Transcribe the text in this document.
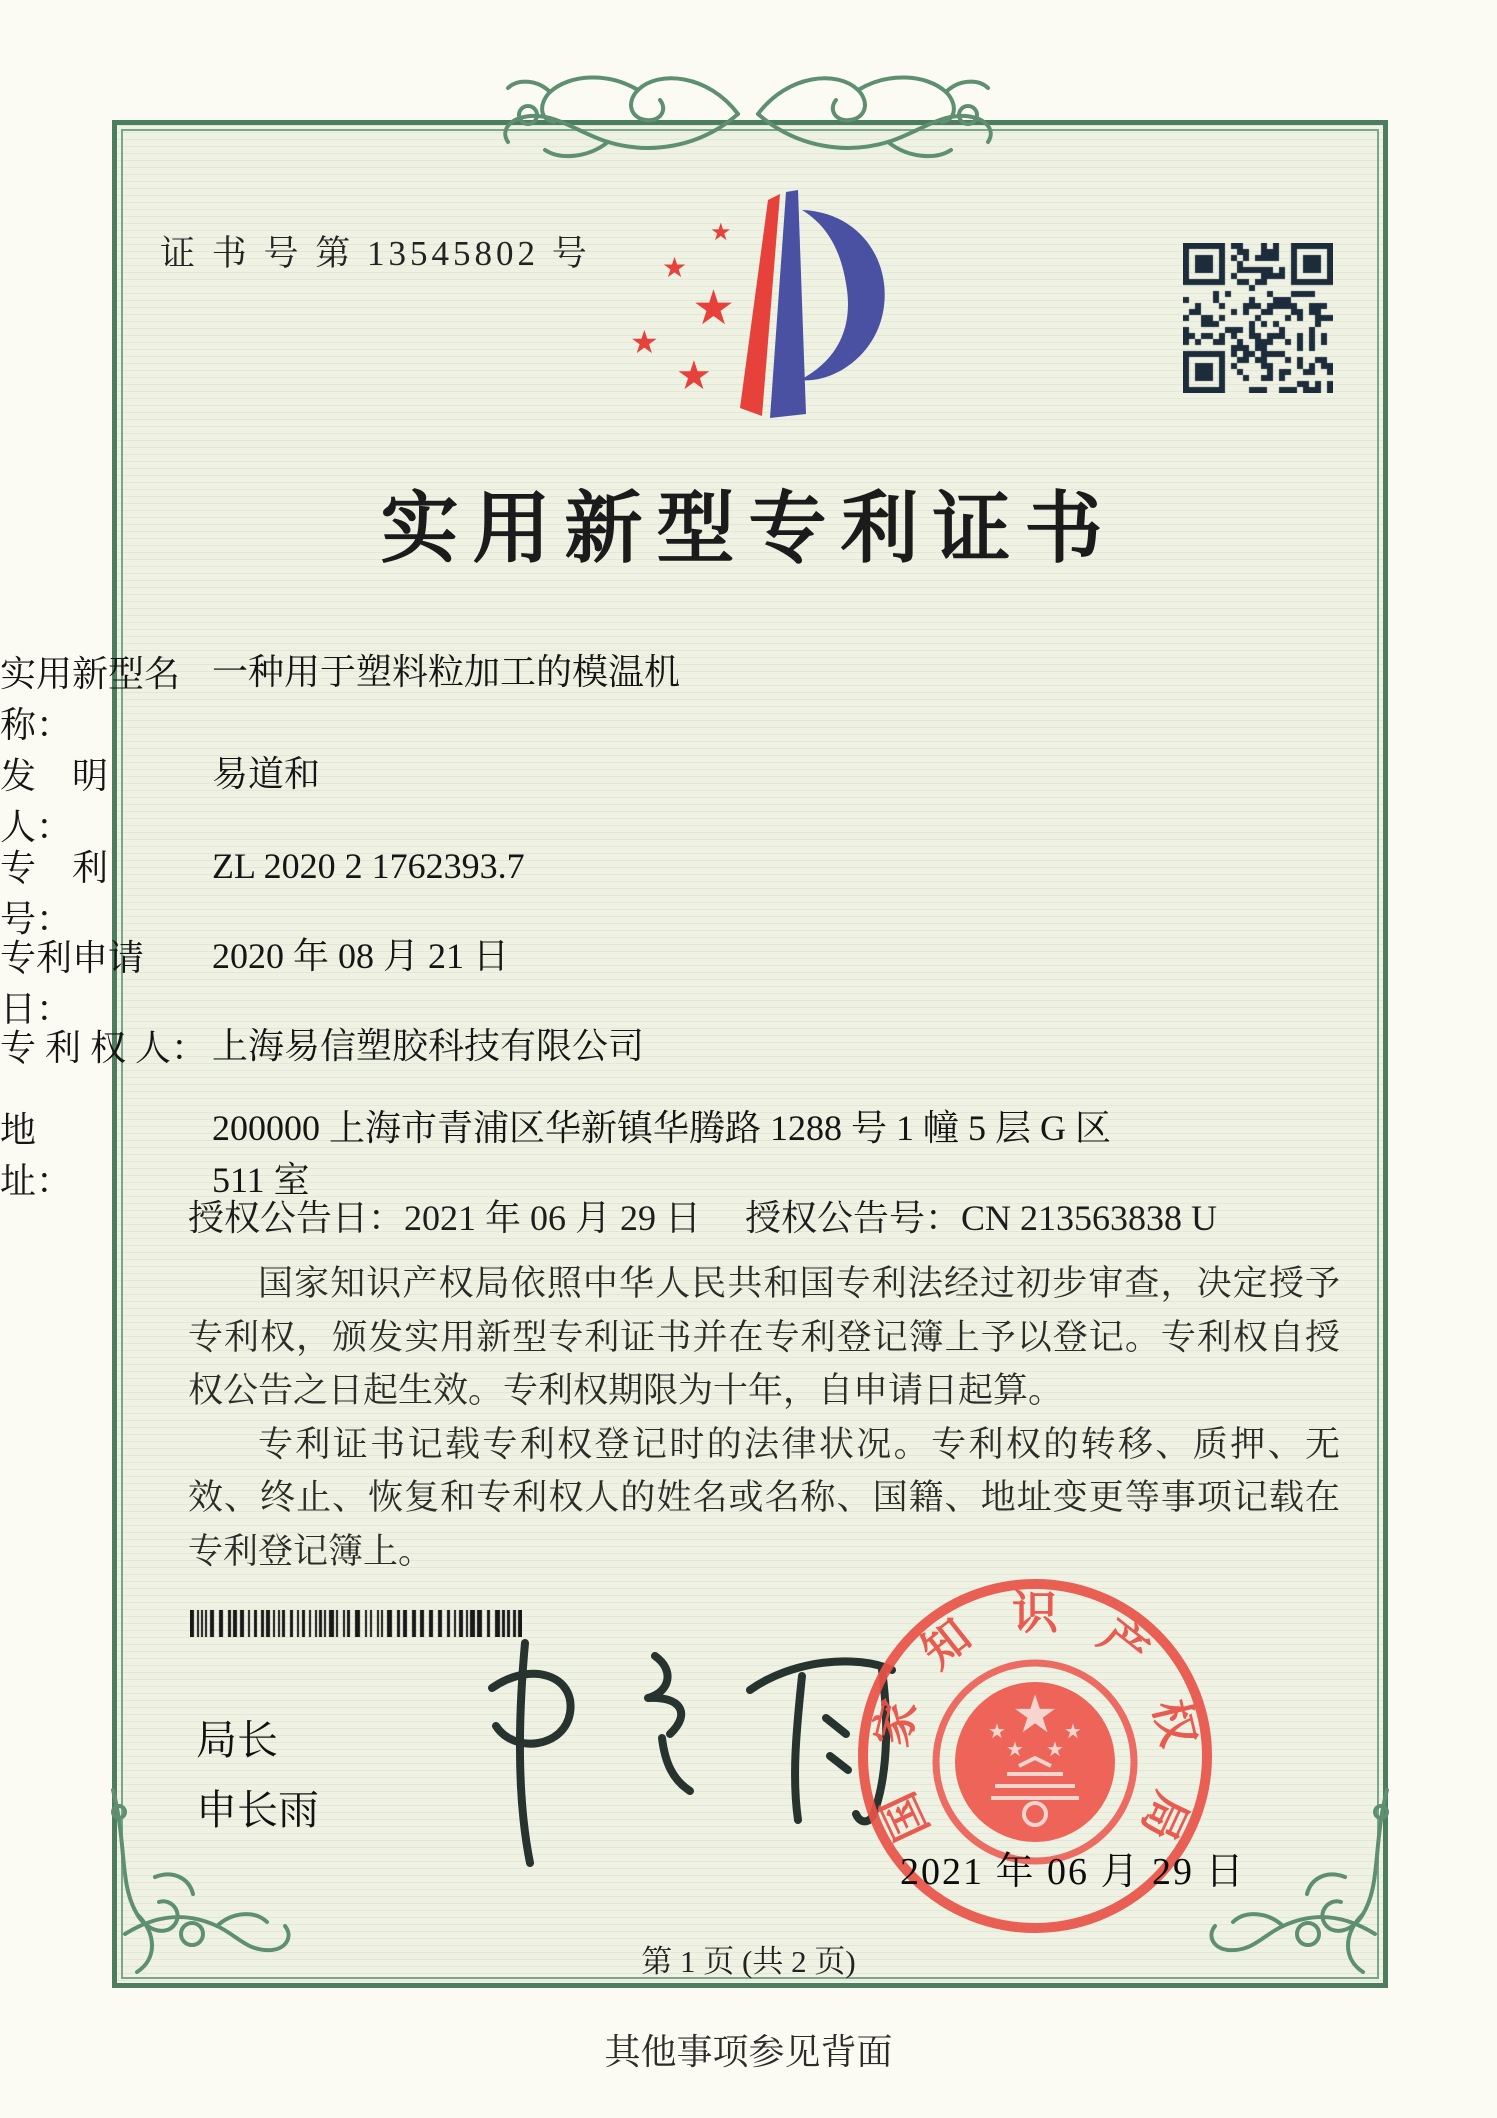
证 书 号 第 13545802 号
★
★
★
★
★
实用新型专利证书
实用新型名称：
一种用于塑料粒加工的模温机
发　明　人：
易道和
专　利　号：
ZL 2020 2 1762393.7
专利申请日：
2020 年 08 月 21 日
专 利 权 人： 上海易信塑胶科技有限公司
地　　　址：
200000 上海市青浦区华新镇华腾路 1288 号 1 幢 5 层 G 区 511 室
授权公告日：2021 年 06 月 29 日	授权公告号：CN 213563838 U

国家知识产权局依照中华人民共和国专利法经过初步审查，决定授予专利权，颁发实用新型专利证书并在专利登记簿上予以登记。专利权自授权公告之日起生效。专利权期限为十年，自申请日起算。

专利证书记载专利权登记时的法律状况。专利权的转移、质押、无效、终止、恢复和专利权人的姓名或名称、国籍、地址变更等事项记载在专利登记簿上。

局长
申长雨	国
家
知 识 产
权
局
★
★
★
★
★
2021 年 06 月 29 日
第 1 页 (共 2 页)
其他事项参见背面
